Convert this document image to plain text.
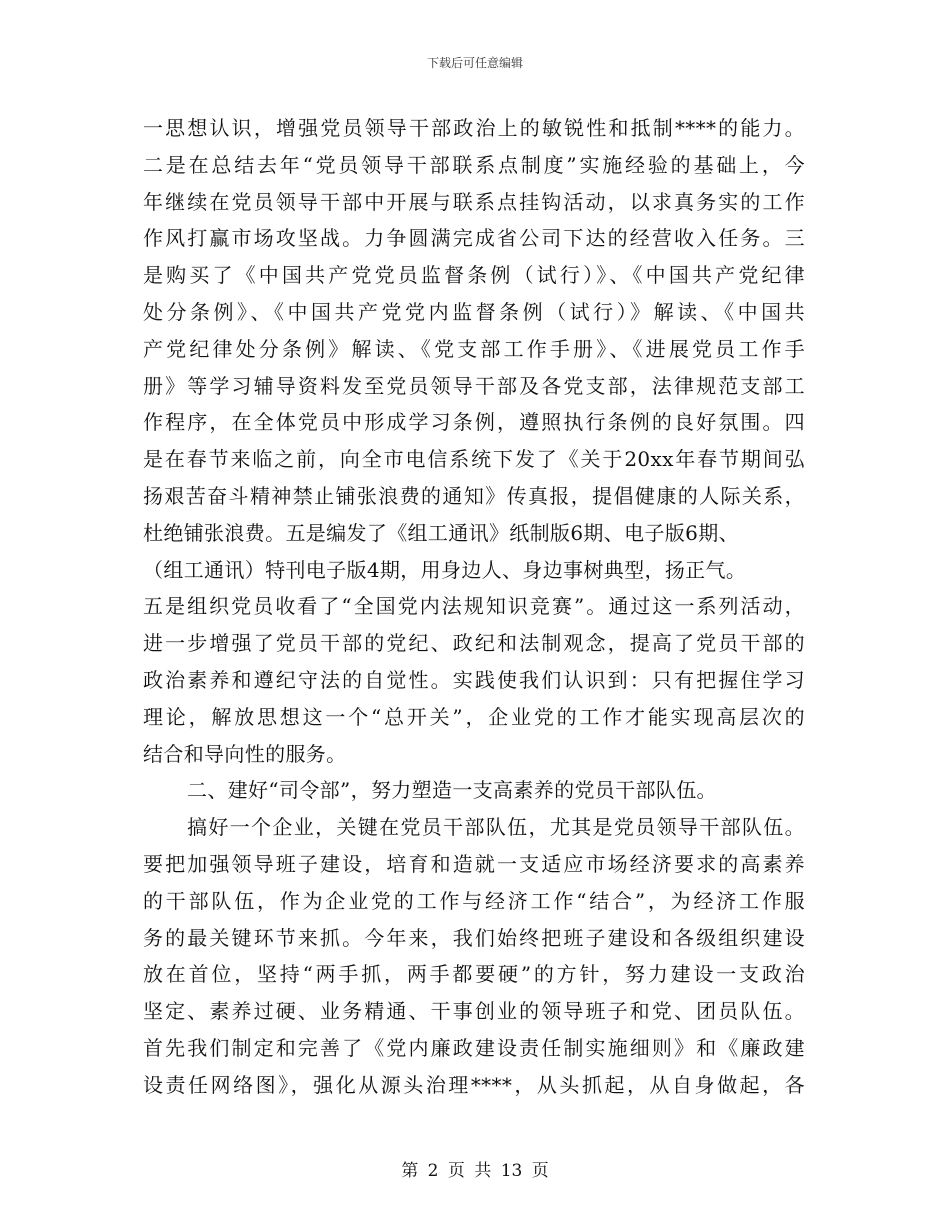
下载后可任意编辑
一思想认识，增强党员领导干部政治上的敏锐性和抵制****的能力。
二是在总结去年“党员领导干部联系点制度”实施经验的基础上，今
年继续在党员领导干部中开展与联系点挂钩活动，以求真务实的工作
作风打赢市场攻坚战。力争圆满完成省公司下达的经营收入任务。三
是购买了《中国共产党党员监督条例（试行）》、《中国共产党纪律
处分条例》、《中国共产党党内监督条例（试行）》解读、《中国共
产党纪律处分条例》解读、《党支部工作手册》、《进展党员工作手
册》等学习辅导资料发至党员领导干部及各党支部，法律规范支部工
作程序，在全体党员中形成学习条例，遵照执行条例的良好氛围。四
是在春节来临之前，向全市电信系统下发了《关于20xx年春节期间弘
扬艰苦奋斗精神禁止铺张浪费的通知》传真报，提倡健康的人际关系，
杜绝铺张浪费。五是编发了《组工通讯》纸制版6期、电子版6期、
（组工通讯）特刊电子版4期，用身边人、身边事树典型，扬正气。
五是组织党员收看了“全国党内法规知识竞赛”。通过这一系列活动，
进一步增强了党员干部的党纪、政纪和法制观念，提高了党员干部的
政治素养和遵纪守法的自觉性。实践使我们认识到：只有把握住学习
理论，解放思想这一个“总开关”，企业党的工作才能实现高层次的
结合和导向性的服务。
二、建好“司令部”，努力塑造一支高素养的党员干部队伍。
搞好一个企业，关键在党员干部队伍，尤其是党员领导干部队伍。
要把加强领导班子建设，培育和造就一支适应市场经济要求的高素养
的干部队伍，作为企业党的工作与经济工作“结合”，为经济工作服
务的最关键环节来抓。今年来，我们始终把班子建设和各级组织建设
放在首位，坚持“两手抓，两手都要硬”的方针，努力建设一支政治
坚定、素养过硬、业务精通、干事创业的领导班子和党、团员队伍。
首先我们制定和完善了《党内廉政建设责任制实施细则》和《廉政建
设责任网络图》，强化从源头治理****，从头抓起，从自身做起，各
第 2 页 共 13 页
